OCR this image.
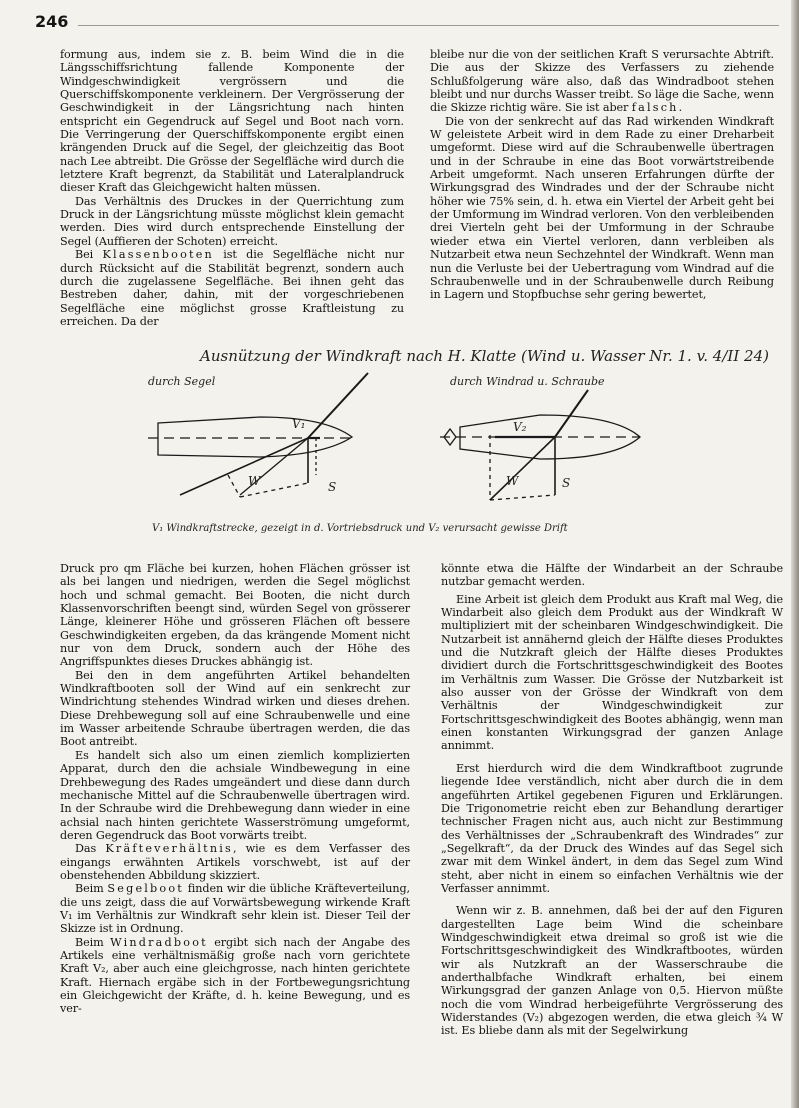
246

formung aus, indem sie z. B. beim Wind die in die Längsschiffsrichtung fallende Komponente der Windgeschwindigkeit vergrössern und die Querschiffskomponente verkleinern. Der Vergrösserung der Geschwindigkeit in der Längsrichtung nach hinten entspricht ein Gegendruck auf Segel und Boot nach vorn. Die Verringerung der Querschiffskomponente ergibt einen krängenden Druck auf die Segel, der gleichzeitig das Boot nach Lee abtreibt. Die Grösse der Segelfläche wird durch die letztere Kraft begrenzt, da Stabilität und Lateralplandruck dieser Kraft das Gleichgewicht halten müssen.

Das Verhältnis des Druckes in der Querrichtung zum Druck in der Längsrichtung müsste möglichst klein gemacht werden. Dies wird durch entsprechende Einstellung der Segel (Auffieren der Schoten) erreicht.

Bei Klassenbooten ist die Segelfläche nicht nur durch Rücksicht auf die Stabilität begrenzt, sondern auch durch die zugelassene Segelfläche. Bei ihnen geht das Bestreben daher, dahin, mit der vorgeschriebenen Segelfläche eine möglichst grosse Kraftleistung zu erreichen. Da der

bleibe nur die von der seitlichen Kraft S verursachte Abtrift. Die aus der Skizze des Verfassers zu ziehende Schlußfolgerung wäre also, daß das Windradboot stehen bleibt und nur durchs Wasser treibt. So läge die Sache, wenn die Skizze richtig wäre. Sie ist aber falsch.

Die von der senkrecht auf das Rad wirkenden Windkraft W geleistete Arbeit wird in dem Rade zu einer Dreharbeit umgeformt. Diese wird auf die Schraubenwelle übertragen und in der Schraube in eine das Boot vorwärtstreibende Arbeit umgeformt. Nach unseren Erfahrungen dürfte der Wirkungsgrad des Windrades und der der Schraube nicht höher wie 75% sein, d. h. etwa ein Viertel der Arbeit geht bei der Umformung im Windrad verloren. Von den verbleibenden drei Vierteln geht bei der Umformung in der Schraube wieder etwa ein Viertel verloren, dann verbleiben als Nutzarbeit etwa neun Sechzehntel der Windkraft. Wenn man nun die Verluste bei der Uebertragung vom Windrad auf die Schraubenwelle und in der Schraubenwelle durch Reibung in Lagern und Stopfbuchse sehr gering bewertet,

Ausnützung der Windkraft nach H. Klatte (Wind u. Wasser Nr. 1. v. 4/II 24)
durch Segel	durch Windrad u. Schraube
V₁
W	S
V₂
W	S
V₁ Windkraftstrecke, gezeigt in d. Vortriebsdruck und V₂ verursacht gewisse Drift

Druck pro qm Fläche bei kurzen, hohen Flächen grösser ist als bei langen und niedrigen, werden die Segel möglichst hoch und schmal gemacht. Bei Booten, die nicht durch Klassenvorschriften beengt sind, würden Segel von grösserer Länge, kleinerer Höhe und grösseren Flächen oft bessere Geschwindigkeiten ergeben, da das krängende Moment nicht nur von dem Druck, sondern auch der Höhe des Angriffspunktes dieses Druckes abhängig ist.

Bei den in dem angeführten Artikel behandelten Windkraftbooten soll der Wind auf ein senkrecht zur Windrichtung stehendes Windrad wirken und dieses drehen. Diese Drehbewegung soll auf eine Schraubenwelle und eine im Wasser arbeitende Schraube übertragen werden, die das Boot antreibt.

Es handelt sich also um einen ziemlich komplizierten Apparat, durch den die achsiale Windbewegung in eine Drehbewegung des Rades umgeändert und diese dann durch mechanische Mittel auf die Schraubenwelle übertragen wird. In der Schraube wird die Drehbewegung dann wieder in eine achsial nach hinten gerichtete Wasserströmung umgeformt, deren Gegendruck das Boot vorwärts treibt.

Das Kräfteverhältnis, wie es dem Verfasser des eingangs erwähnten Artikels vorschwebt, ist auf der obenstehenden Abbildung skizziert.

Beim Segelboot finden wir die übliche Kräfteverteilung, die uns zeigt, dass die auf Vorwärtsbewegung wirkende Kraft V₁ im Verhältnis zur Windkraft sehr klein ist. Dieser Teil der Skizze ist in Ordnung.

Beim Windradboot ergibt sich nach der Angabe des Artikels eine verhältnismäßig große nach vorn gerichtete Kraft V₂, aber auch eine gleichgrosse, nach hinten gerichtete Kraft. Hiernach ergäbe sich in der Fortbewegungsrichtung ein Gleichgewicht der Kräfte, d. h. keine Bewegung, und es ver-

könnte etwa die Hälfte der Windarbeit an der Schraube nutzbar gemacht werden.

Eine Arbeit ist gleich dem Produkt aus Kraft mal Weg, die Windarbeit also gleich dem Produkt aus der Windkraft W multipliziert mit der scheinbaren Windgeschwindigkeit. Die Nutzarbeit ist annähernd gleich der Hälfte dieses Produktes und die Nutzkraft gleich der Hälfte dieses Produktes dividiert durch die Fortschrittsgeschwindigkeit des Bootes im Verhältnis zum Wasser. Die Grösse der Nutzbarkeit ist also ausser von der Grösse der Windkraft von dem Verhältnis der Windgeschwindigkeit zur Fortschrittsgeschwindigkeit des Bootes abhängig, wenn man einen konstanten Wirkungsgrad der ganzen Anlage annimmt.

Erst hierdurch wird die dem Windkraftboot zugrunde liegende Idee verständlich, nicht aber durch die in dem angeführten Artikel gegebenen Figuren und Erklärungen. Die Trigonometrie reicht eben zur Behandlung derartiger technischer Fragen nicht aus, auch nicht zur Bestimmung des Verhältnisses der „Schraubenkraft des Windrades“ zur „Segelkraft“, da der Druck des Windes auf das Segel sich zwar mit dem Winkel ändert, in dem das Segel zum Wind steht, aber nicht in einem so einfachen Verhältnis wie der Verfasser annimmt.

Wenn wir z. B. annehmen, daß bei der auf den Figuren dargestellten Lage beim Wind die scheinbare Windgeschwindigkeit etwa dreimal so groß ist wie die Fortschrittsgeschwindigkeit des Windkraftbootes, würden wir als Nutzkraft an der Wasserschraube die anderthalbfache Windkraft erhalten, bei einem Wirkungsgrad der ganzen Anlage von 0,5. Hiervon müßte noch die vom Windrad herbeigeführte Vergrösserung des Widerstandes (V₂) abgezogen werden, die etwa gleich ¾ W ist. Es bliebe dann als mit der Segelwirkung
